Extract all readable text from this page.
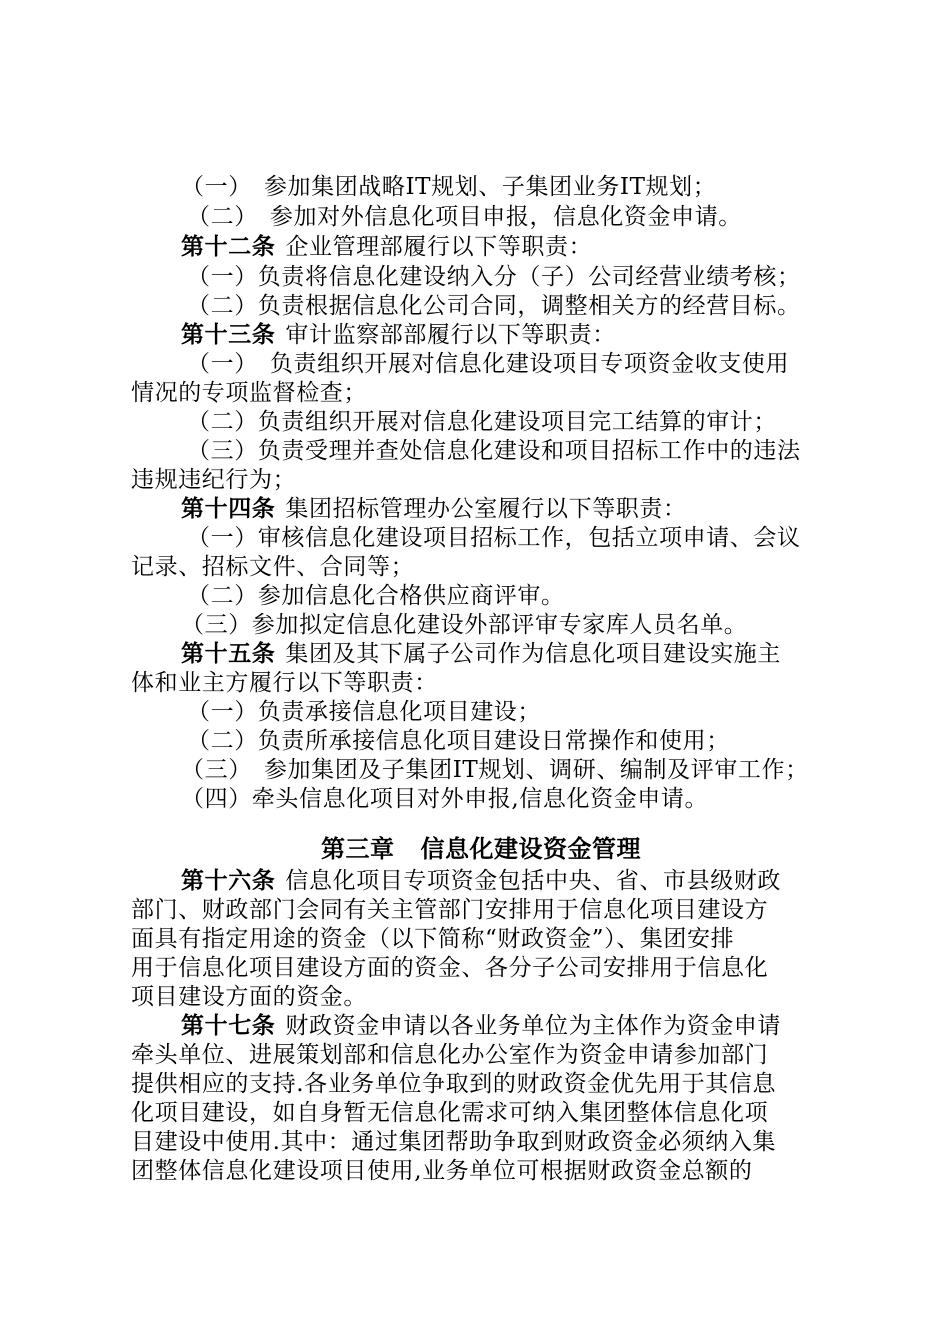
（一）　参加集团战略IT规划、子集团业务IT规划；
（二）　参加对外信息化项目申报，信息化资金申请。
第十二条 企业管理部履行以下等职责：
（一）负责将信息化建设纳入分（子）公司经营业绩考核；
（二）负责根据信息化公司合同，调整相关方的经营目标。
第十三条 审计监察部部履行以下等职责：
（一）　负责组织开展对信息化建设项目专项资金收支使用
情况的专项监督检查；
（二）负责组织开展对信息化建设项目完工结算的审计；
（三）负责受理并查处信息化建设和项目招标工作中的违法
违规违纪行为；
第十四条 集团招标管理办公室履行以下等职责：
（一）审核信息化建设项目招标工作，包括立项申请、会议
记录、招标文件、合同等；
（二）参加信息化合格供应商评审。
（三）参加拟定信息化建设外部评审专家库人员名单。
第十五条 集团及其下属子公司作为信息化项目建设实施主
体和业主方履行以下等职责：
（一）负责承接信息化项目建设；
（二）负责所承接信息化项目建设日常操作和使用；
（三）　参加集团及子集团IT规划、调研、编制及评审工作；
（四）牵头信息化项目对外申报,信息化资金申请。
第三章 信息化建设资金管理
第十六条 信息化项目专项资金包括中央、省、市县级财政
部门、财政部门会同有关主管部门安排用于信息化项目建设方
面具有指定用途的资金（以下简称“财政资金”）、集团安排
用于信息化项目建设方面的资金、各分子公司安排用于信息化
项目建设方面的资金。
第十七条 财政资金申请以各业务单位为主体作为资金申请
牵头单位、进展策划部和信息化办公室作为资金申请参加部门
提供相应的支持.各业务单位争取到的财政资金优先用于其信息
化项目建设，如自身暂无信息化需求可纳入集团整体信息化项
目建设中使用.其中：通过集团帮助争取到财政资金必须纳入集
团整体信息化建设项目使用,业务单位可根据财政资金总额的
